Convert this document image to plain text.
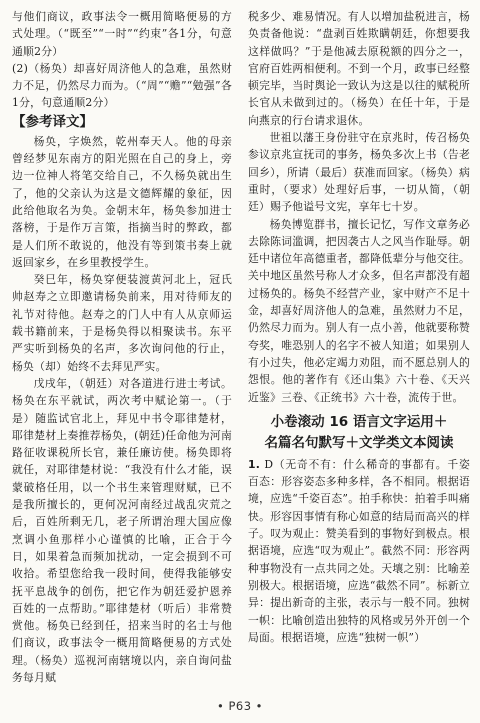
与他们商议，政事法令一概用简略便易的方式处理。（“既至”“一时”“约束”各1分，句意通顺2分）

(2)（杨奂）却喜好周济他人的急难，虽然财力不足，仍然尽力而为。（“周”“赡”“勉强”各1分，句意通顺2分）

【参考译文】

杨奂，字焕然，乾州奉天人。他的母亲曾经梦见东南方的阳光照在自己的身上，旁边一位神人将笔交给自己，不久杨奂就出生了，他的父亲认为这是文德辉耀的象征，因此给他取名为奂。金朝末年，杨奂参加进士落榜，于是作万言策，指摘当时的弊政，都是人们所不敢说的，他没有等到策书奏上就返回家乡，在乡里教授学生。

癸巳年，杨奂穿便装渡黄河北上，冠氏帅赵寿之立即邀请杨奂前来，用对待师友的礼节对待他。赵寿之的门人中有人从京师运载书籍前来，于是杨奂得以相聚读书。东平严实听到杨奂的名声，多次询问他的行止，杨奂（却）始终不去拜见严实。

戊戌年，（朝廷）对各道进行进士考试。杨奂在东平就试，两次考中赋论第一。（于是）随监试官北上，拜见中书令耶律楚材，耶律楚材上奏推荐杨奂，(朝廷)任命他为河南路征收课税所长官，兼任廉访使。杨奂即将就任，对耶律楚材说：“我没有什么才能，误蒙破格任用，以一个书生来管理财赋，已不是我所擅长的，更何况河南经过战乱灾荒之后，百姓所剩无几，老子所谓治理大国应像烹调小鱼那样小心谨慎的比喻，正合于今日，如果着急而频加扰动，一定会损到不可收拾。希望您给我一段时间，使得我能够安抚平息战争的创伤，把它作为朝廷爱护恩养百姓的一点帮助。”耶律楚材（听后）非常赞赏他。杨奂已经到任，招来当时的名士与他们商议，政事法令一概用简略便易的方式处理。（杨奂）巡视河南辖境以内，亲自询问盐务每月赋

税多少、难易情况。有人以增加盐税进言，杨奂责备他说：“盘剥百姓欺瞒朝廷，你想要我这样做吗？”于是他减去原税额的四分之一，官府百姓两相便利。不到一个月，政事已经整顿完毕，当时舆论一致认为这是以往的赋税所长官从未做到过的。（杨奂）在任十年，于是向燕京的行台请求退休。

世祖以藩王身份驻守在京兆时，传召杨奂参议京兆宣抚司的事务，杨奂多次上书（告老回乡），所请（最后）获准而回家。（杨奂）病重时，（要求）处理好后事，一切从简，（朝廷）赐予他谥号文宪，享年七十岁。

杨奂博览群书，擅长记忆，写作文章务必去除陈词滥调，把因袭古人之风当作耻辱。朝廷中诸位年高德重者，都降低辈分与他交往。关中地区虽然号称人才众多，但名声都没有超过杨奂的。杨奂不经营产业，家中财产不足十金，却喜好周济他人的急难，虽然财力不足，仍然尽力而为。别人有一点小善，他就要称赞夸奖，唯恐别人的名字不被人知道；如果别人有小过失，他必定竭力劝阻，而不愿总别人的怨恨。他的著作有《还山集》六十卷、《天兴近鉴》三卷、《正统书》六十卷，流传于世。

小卷滚动 16 语言文字运用＋
名篇名句默写＋文学类文本阅读

1. D（无奇不有：什么稀奇的事都有。千姿百态：形容姿态多种多样，各不相同。根据语境，应选“千姿百态”。拍手称快：拍着手叫痛快。形容因事情有称心如意的结局而高兴的样子。叹为观止：赞美看到的事物好到极点。根据语境，应选“叹为观止”。截然不同：形容两种事物没有一点共同之处。天壤之别：比喻差别极大。根据语境，应选“截然不同”。标新立异：提出新奇的主张，表示与一般不同。独树一帜：比喻创造出独特的风格或另外开创一个局面。根据语境，应选“独树一帜”）

• P63 •
